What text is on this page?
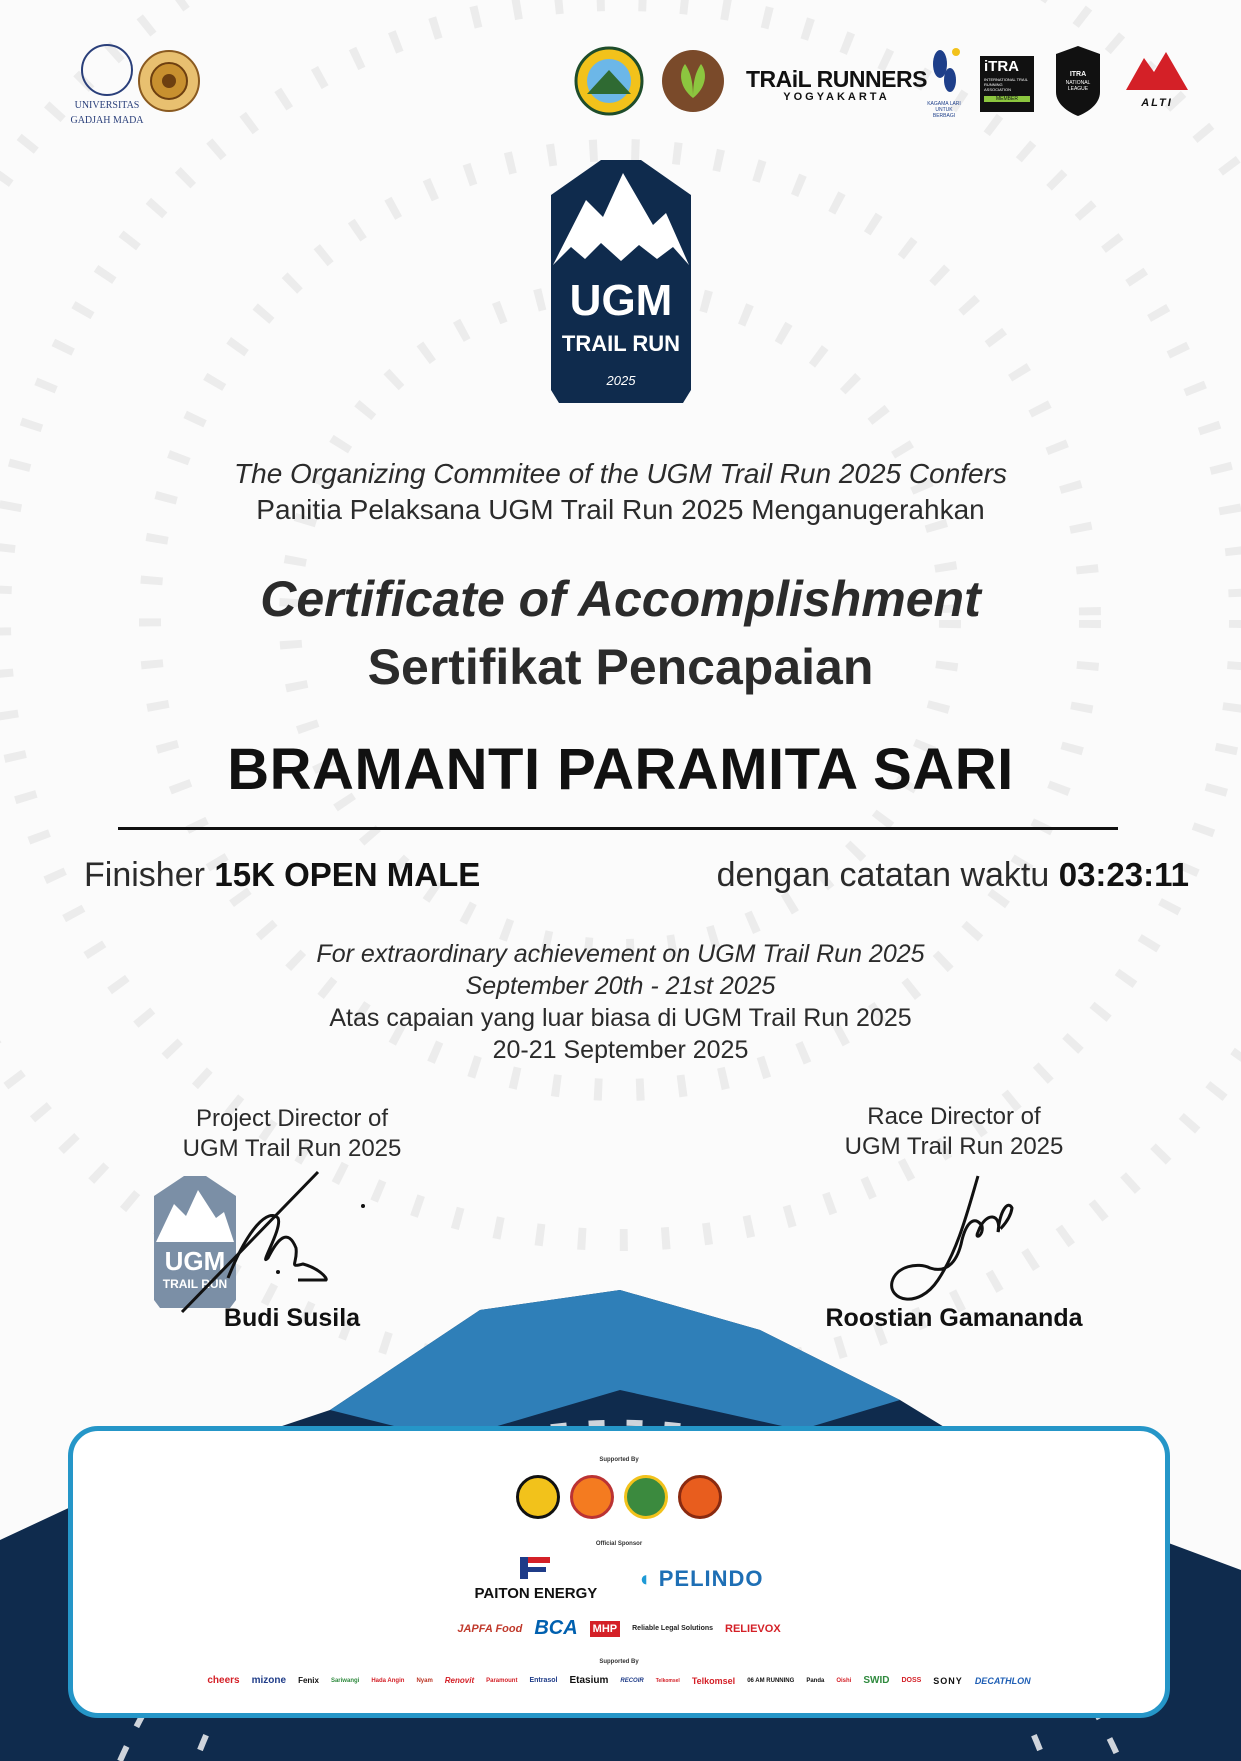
UNIVERSITAS
GADJAH MADA
TRAiL RUNNERS
YOGYAKARTA
KAGAMA LARI UNTUK BERBAGI
iTRA
INTERNATIONAL TRAIL RUNNING ASSOCIATION
MEMBER
ITRA
NATIONAL
LEAGUE
ALTI
UGM
TRAIL RUN
2025
The Organizing Commitee of the UGM Trail Run 2025 Confers
Panitia Pelaksana UGM Trail Run 2025 Menganugerahkan
Certificate of Accomplishment
Sertifikat Pencapaian
BRAMANTI PARAMITA SARI
Finisher 15K OPEN MALE	dengan catatan waktu 03:23:11
For extraordinary achievement on UGM Trail Run 2025
September 20th - 21st 2025
Atas capaian yang luar biasa di UGM Trail Run 2025
20-21 September 2025
Project Director of
UGM Trail Run 2025
UGM
TRAIL RUN
Budi Susila
Race Director of
UGM Trail Run 2025
Roostian Gamananda
Supported By
Official Sponsor
PAITON ENERGY
◖ PELINDO
JAPFA Food BCA MHP	Reliable Legal Solutions RELIEVOX
Supported By
cheers mizone Fenix Sariwangi Hada Angin Nyam Renovit Paramount Entrasol Etasium RECOIR Telkomsel Telkomsel 06 AM RUNNING Panda Oishi SWID DOSS SONY DECATHLON
